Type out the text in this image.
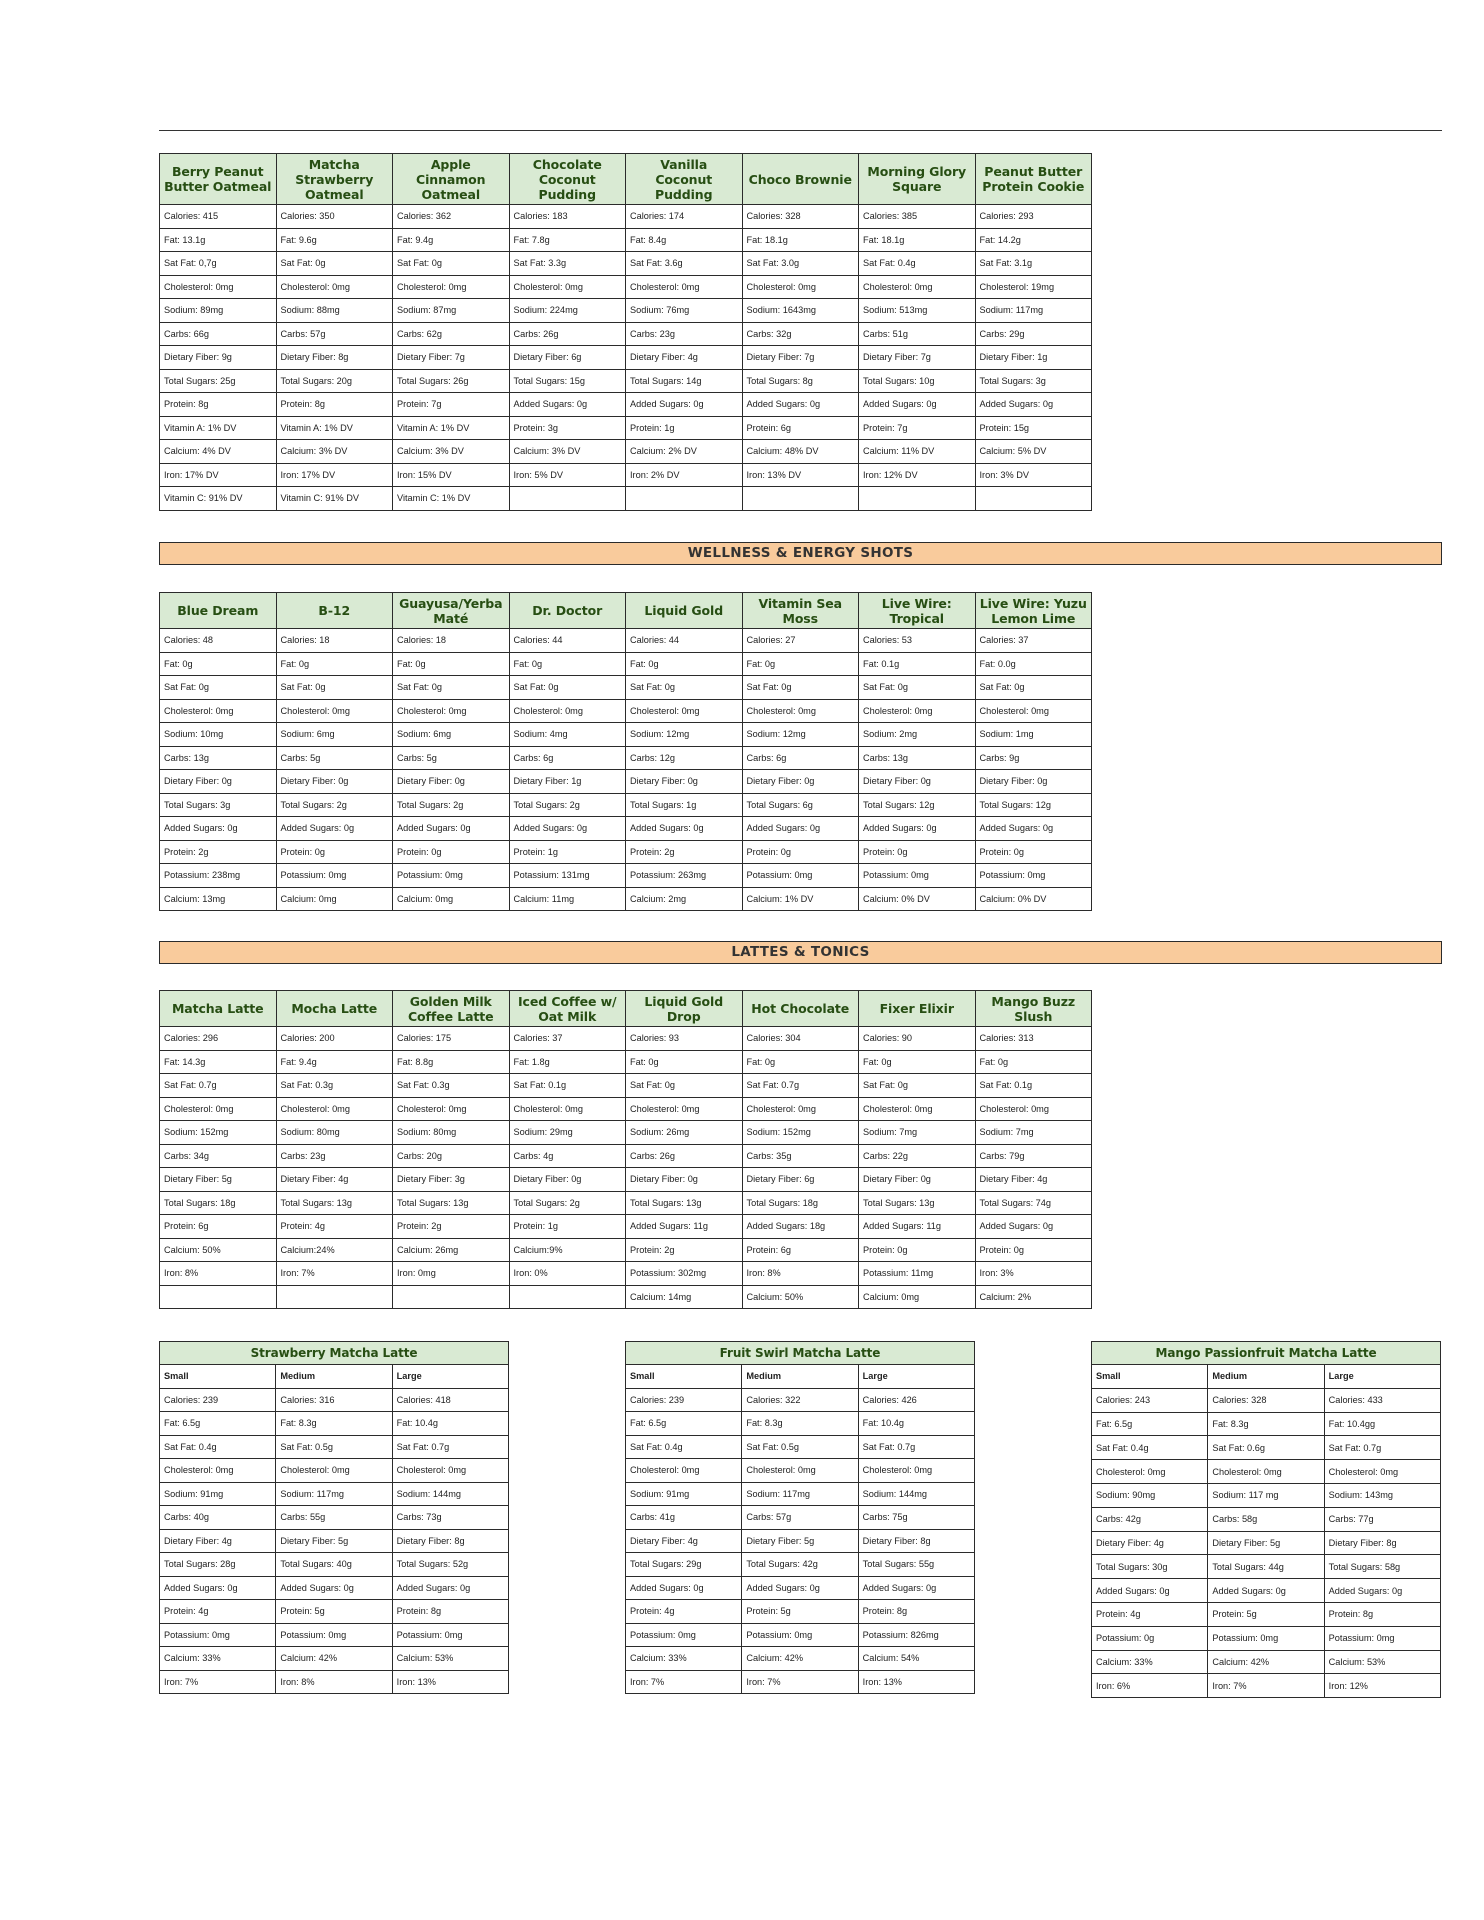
Berry Peanut Butter Oatmeal	Matcha Strawberry Oatmeal	Apple Cinnamon Oatmeal	Chocolate Coconut Pudding	Vanilla Coconut Pudding	Choco Brownie	Morning Glory Square	Peanut Butter Protein Cookie
Calories: 415	Calories: 350	Calories: 362	Calories: 183	Calories: 174	Calories: 328	Calories: 385	Calories: 293
Fat: 13.1g	Fat: 9.6g	Fat: 9.4g	Fat: 7.8g	Fat: 8.4g	Fat: 18.1g	Fat: 18.1g	Fat: 14.2g
Sat Fat: 0,7g	Sat Fat: 0g	Sat Fat: 0g	Sat Fat: 3.3g	Sat Fat: 3.6g	Sat Fat: 3.0g	Sat Fat: 0.4g	Sat Fat: 3.1g
Cholesterol: 0mg	Cholesterol: 0mg	Cholesterol: 0mg	Cholesterol: 0mg	Cholesterol: 0mg	Cholesterol: 0mg	Cholesterol: 0mg	Cholesterol: 19mg
Sodium: 89mg	Sodium: 88mg	Sodium: 87mg	Sodium: 224mg	Sodium: 76mg	Sodium: 1643mg	Sodium: 513mg	Sodium: 117mg
Carbs: 66g	Carbs: 57g	Carbs: 62g	Carbs: 26g	Carbs: 23g	Carbs: 32g	Carbs: 51g	Carbs: 29g
Dietary Fiber: 9g	Dietary Fiber: 8g	Dietary Fiber: 7g	Dietary Fiber: 6g	Dietary Fiber: 4g	Dietary Fiber: 7g	Dietary Fiber: 7g	Dietary Fiber: 1g
Total Sugars: 25g	Total Sugars: 20g	Total Sugars: 26g	Total Sugars: 15g	Total Sugars: 14g	Total Sugars: 8g	Total Sugars: 10g	Total Sugars: 3g
Protein: 8g	Protein: 8g	Protein: 7g	Added Sugars: 0g	Added Sugars: 0g	Added Sugars: 0g	Added Sugars: 0g	Added Sugars: 0g
Vitamin A: 1% DV	Vitamin A: 1% DV	Vitamin A: 1% DV	Protein: 3g	Protein: 1g	Protein: 6g	Protein: 7g	Protein: 15g
Calcium: 4% DV	Calcium: 3% DV	Calcium: 3% DV	Calcium: 3% DV	Calcium: 2% DV	Calcium: 48% DV	Calcium: 11% DV	Calcium: 5% DV
Iron: 17% DV	Iron: 17% DV	Iron: 15% DV	Iron: 5% DV	Iron: 2% DV	Iron: 13% DV	Iron: 12% DV	Iron: 3% DV
Vitamin C: 91% DV	Vitamin C: 91% DV	Vitamin C: 1% DV					
WELLNESS & ENERGY SHOTS
Blue Dream	B-12	Guayusa/Yerba Maté	Dr. Doctor	Liquid Gold	Vitamin Sea Moss	Live Wire: Tropical	Live Wire: Yuzu Lemon Lime
Calories: 48	Calories: 18	Calories: 18	Calories: 44	Calories: 44	Calories: 27	Calories: 53	Calories: 37
Fat: 0g	Fat: 0g	Fat: 0g	Fat: 0g	Fat: 0g	Fat: 0g	Fat: 0.1g	Fat: 0.0g
Sat Fat: 0g	Sat Fat: 0g	Sat Fat: 0g	Sat Fat: 0g	Sat Fat: 0g	Sat Fat: 0g	Sat Fat: 0g	Sat Fat: 0g
Cholesterol: 0mg	Cholesterol: 0mg	Cholesterol: 0mg	Cholesterol: 0mg	Cholesterol: 0mg	Cholesterol: 0mg	Cholesterol: 0mg	Cholesterol: 0mg
Sodium: 10mg	Sodium: 6mg	Sodium: 6mg	Sodium: 4mg	Sodium: 12mg	Sodium: 12mg	Sodium: 2mg	Sodium: 1mg
Carbs: 13g	Carbs: 5g	Carbs: 5g	Carbs: 6g	Carbs: 12g	Carbs: 6g	Carbs: 13g	Carbs: 9g
Dietary Fiber: 0g	Dietary Fiber: 0g	Dietary Fiber: 0g	Dietary Fiber: 1g	Dietary Fiber: 0g	Dietary Fiber: 0g	Dietary Fiber: 0g	Dietary Fiber: 0g
Total Sugars: 3g	Total Sugars: 2g	Total Sugars: 2g	Total Sugars: 2g	Total Sugars: 1g	Total Sugars: 6g	Total Sugars: 12g	Total Sugars: 12g
Added Sugars: 0g	Added Sugars: 0g	Added Sugars: 0g	Added Sugars: 0g	Added Sugars: 0g	Added Sugars: 0g	Added Sugars: 0g	Added Sugars: 0g
Protein: 2g	Protein: 0g	Protein: 0g	Protein: 1g	Protein: 2g	Protein: 0g	Protein: 0g	Protein: 0g
Potassium: 238mg	Potassium: 0mg	Potassium: 0mg	Potassium: 131mg	Potassium: 263mg	Potassium: 0mg	Potassium: 0mg	Potassium: 0mg
Calcium: 13mg	Calcium: 0mg	Calcium: 0mg	Calcium: 11mg	Calcium: 2mg	Calcium: 1% DV	Calcium: 0% DV	Calcium: 0% DV
LATTES & TONICS
Matcha Latte	Mocha Latte	Golden Milk Coffee Latte	Iced Coffee w/ Oat Milk	Liquid Gold Drop	Hot Chocolate	Fixer Elixir	Mango Buzz Slush
Calories: 296	Calories: 200	Calories: 175	Calories: 37	Calories: 93	Calories: 304	Calories: 90	Calories: 313
Fat: 14.3g	Fat: 9.4g	Fat: 8.8g	Fat: 1.8g	Fat: 0g	Fat: 0g	Fat: 0g	Fat: 0g
Sat Fat: 0.7g	Sat Fat: 0.3g	Sat Fat: 0.3g	Sat Fat: 0.1g	Sat Fat: 0g	Sat Fat: 0.7g	Sat Fat: 0g	Sat Fat: 0.1g
Cholesterol: 0mg	Cholesterol: 0mg	Cholesterol: 0mg	Cholesterol: 0mg	Cholesterol: 0mg	Cholesterol: 0mg	Cholesterol: 0mg	Cholesterol: 0mg
Sodium: 152mg	Sodium: 80mg	Sodium: 80mg	Sodium: 29mg	Sodium: 26mg	Sodium: 152mg	Sodium: 7mg	Sodium: 7mg
Carbs: 34g	Carbs: 23g	Carbs: 20g	Carbs: 4g	Carbs: 26g	Carbs: 35g	Carbs: 22g	Carbs: 79g
Dietary Fiber: 5g	Dietary Fiber: 4g	Dietary Fiber: 3g	Dietary Fiber: 0g	Dietary Fiber: 0g	Dietary Fiber: 6g	Dietary Fiber: 0g	Dietary Fiber: 4g
Total Sugars: 18g	Total Sugars: 13g	Total Sugars: 13g	Total Sugars: 2g	Total Sugars: 13g	Total Sugars: 18g	Total Sugars: 13g	Total Sugars: 74g
Protein: 6g	Protein: 4g	Protein: 2g	Protein: 1g	Added Sugars: 11g	Added Sugars: 18g	Added Sugars: 11g	Added Sugars: 0g
Calcium: 50%	Calcium:24%	Calcium: 26mg	Calcium:9%	Protein: 2g	Protein: 6g	Protein: 0g	Protein: 0g
Iron: 8%	Iron: 7%	Iron: 0mg	Iron: 0%	Potassium: 302mg	Iron: 8%	Potassium: 11mg	Iron: 3%
				Calcium: 14mg	Calcium: 50%	Calcium: 0mg	Calcium: 2%
Strawberry Matcha Latte		
Small	Medium	Large
Calories: 239	Calories: 316	Calories: 418
Fat: 6.5g	Fat: 8.3g	Fat: 10.4g
Sat Fat: 0.4g	Sat Fat: 0.5g	Sat Fat: 0.7g
Cholesterol: 0mg	Cholesterol: 0mg	Cholesterol: 0mg
Sodium: 91mg	Sodium: 117mg	Sodium: 144mg
Carbs: 40g	Carbs: 55g	Carbs: 73g
Dietary Fiber: 4g	Dietary Fiber: 5g	Dietary Fiber: 8g
Total Sugars: 28g	Total Sugars: 40g	Total Sugars: 52g
Added Sugars: 0g	Added Sugars: 0g	Added Sugars: 0g
Protein: 4g	Protein: 5g	Protein: 8g
Potassium: 0mg	Potassium: 0mg	Potassium: 0mg
Calcium: 33%	Calcium: 42%	Calcium: 53%
Iron: 7%	Iron: 8%	Iron: 13%
Fruit Swirl Matcha Latte		
Small	Medium	Large
Calories: 239	Calories: 322	Calories: 426
Fat: 6.5g	Fat: 8.3g	Fat: 10.4g
Sat Fat: 0.4g	Sat Fat: 0.5g	Sat Fat: 0.7g
Cholesterol: 0mg	Cholesterol: 0mg	Cholesterol: 0mg
Sodium: 91mg	Sodium: 117mg	Sodium: 144mg
Carbs: 41g	Carbs: 57g	Carbs: 75g
Dietary Fiber: 4g	Dietary Fiber: 5g	Dietary Fiber: 8g
Total Sugars: 29g	Total Sugars: 42g	Total Sugars: 55g
Added Sugars: 0g	Added Sugars: 0g	Added Sugars: 0g
Protein: 4g	Protein: 5g	Protein: 8g
Potassium: 0mg	Potassium: 0mg	Potassium: 826mg
Calcium: 33%	Calcium: 42%	Calcium: 54%
Iron: 7%	Iron: 7%	Iron: 13%
Mango Passionfruit Matcha Latte		
Small	Medium	Large
Calories: 243	Calories: 328	Calories: 433
Fat: 6.5g	Fat: 8.3g	Fat: 10.4gg
Sat Fat: 0.4g	Sat Fat: 0.6g	Sat Fat: 0.7g
Cholesterol: 0mg	Cholesterol: 0mg	Cholesterol: 0mg
Sodium: 90mg	Sodium: 117 mg	Sodium: 143mg
Carbs: 42g	Carbs: 58g	Carbs: 77g
Dietary Fiber: 4g	Dietary Fiber: 5g	Dietary Fiber: 8g
Total Sugars: 30g	Total Sugars: 44g	Total Sugars: 58g
Added Sugars: 0g	Added Sugars: 0g	Added Sugars: 0g
Protein: 4g	Protein: 5g	Protein: 8g
Potassium: 0g	Potassium: 0mg	Potassium: 0mg
Calcium: 33%	Calcium: 42%	Calcium: 53%
Iron: 6%	Iron: 7%	Iron: 12%
